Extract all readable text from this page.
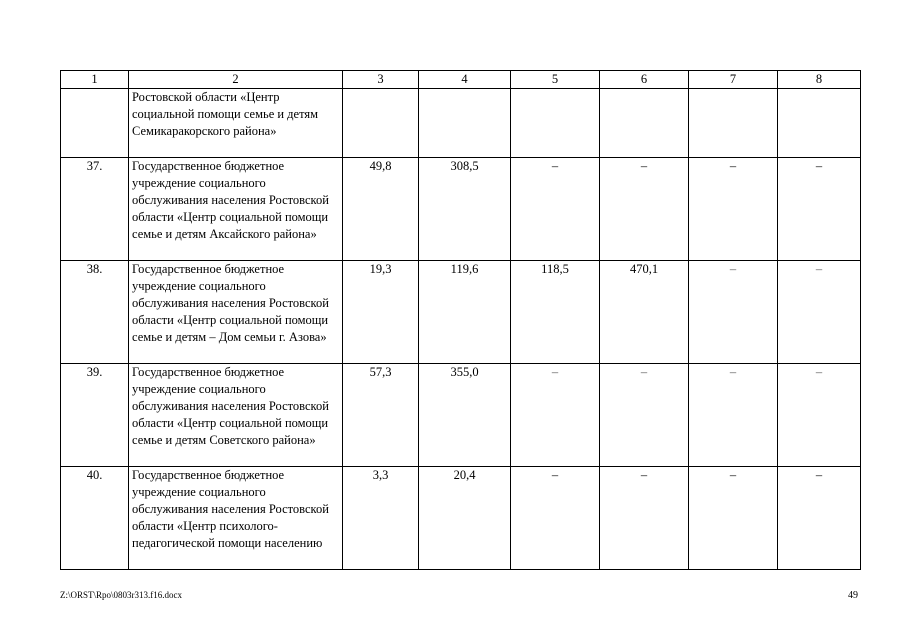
1	2	3	4	5	6	7	8
	Ростовской области «Центр социальной помощи семье и детям Семикаракорского района»						
37.	Государственное бюджетное учреждение социального обслуживания населения Ростовской области «Центр социальной помощи семье и детям Аксайского района»	49,8	308,5	–	–	–	–
38.	Государственное бюджетное учреждение социального обслуживания населения Ростовской области «Центр социальной помощи семье и детям – Дом семьи г. Азова»	19,3	119,6	118,5	470,1	–	–
39.	Государственное бюджетное учреждение социального обслуживания населения Ростовской области «Центр социальной помощи семье и детям Советского района»	57,3	355,0	–	–	–	–
40.	Государственное бюджетное учреждение социального обслуживания населения Ростовской области «Центр психолого-педагогической помощи населению	3,3	20,4	–	–	–	–
Z:\ORST\Rpo\0803r313.f16.docx	49
